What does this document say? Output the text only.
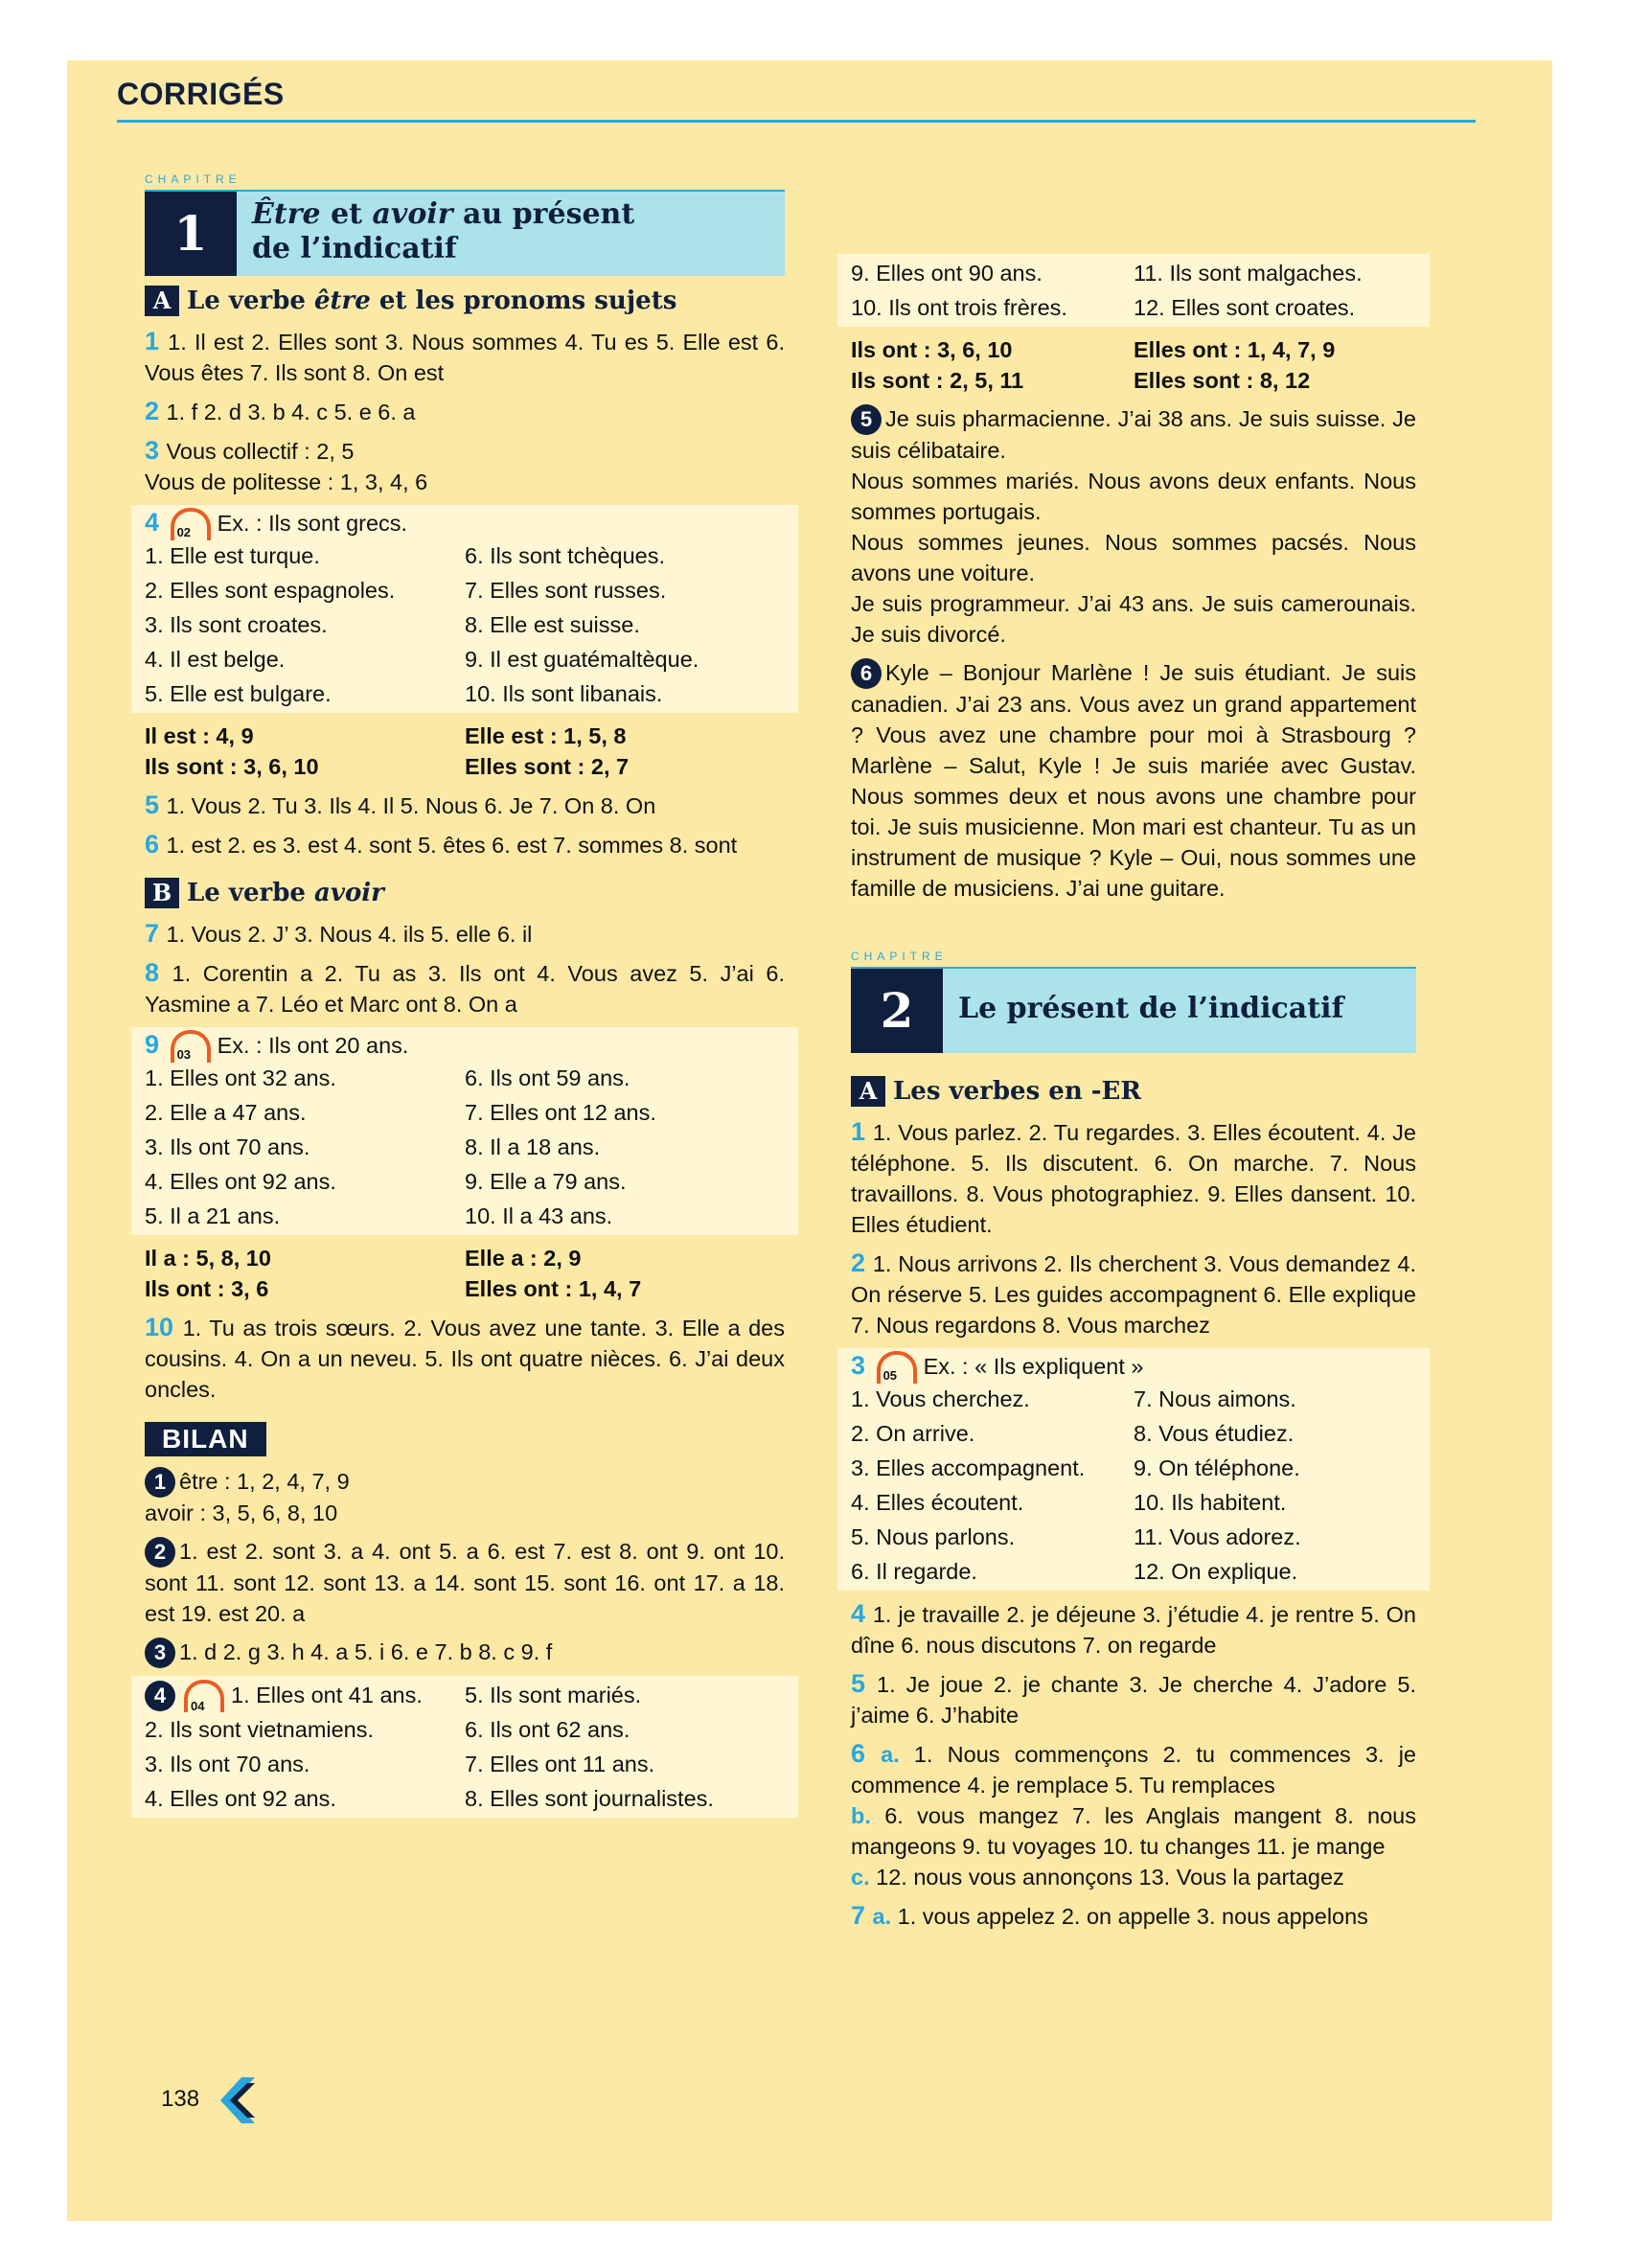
CORRIGÉS
CHAPITRE
1	Être et avoir au présent
de l’indicatif
A Le verbe être et les pronoms sujets

1 1. Il est 2. Elles sont 3. Nous sommes 4. Tu es 5. Elle est 6. Vous êtes 7. Ils sont 8. On est

2 1. f 2. d 3. b 4. c 5. e 6. a

3 Vous collectif : 2, 5
Vous de politesse : 1, 3, 4, 6

4 02 Ex. : Ils sont grecs.
1. Elle est turque.	6. Ils sont tchèques.
2. Elles sont espagnoles.	7. Elles sont russes.
3. Ils sont croates.	8. Elle est suisse.
4. Il est belge.	9. Il est guatémaltèque.
5. Elle est bulgare.	10. Ils sont libanais.
Il est : 4, 9	Elle est : 1, 5, 8
Ils sont : 3, 6, 10	Elles sont : 2, 7

5 1. Vous 2. Tu 3. Ils 4. Il 5. Nous 6. Je 7. On 8. On

6 1. est 2. es 3. est 4. sont 5. êtes 6. est 7. sommes 8. sont

B Le verbe avoir

7 1. Vous 2. J’ 3. Nous 4. ils 5. elle 6. il

8 1. Corentin a 2. Tu as 3. Ils ont 4. Vous avez 5. J’ai 6. Yasmine a 7. Léo et Marc ont 8. On a

9 03 Ex. : Ils ont 20 ans.
1. Elles ont 32 ans.	6. Ils ont 59 ans.
2. Elle a 47 ans.	7. Elles ont 12 ans.
3. Ils ont 70 ans.	8. Il a 18 ans.
4. Elles ont 92 ans.	9. Elle a 79 ans.
5. Il a 21 ans.	10. Il a 43 ans.
Il a : 5, 8, 10	Elle a : 2, 9
Ils ont : 3, 6	Elles ont : 1, 4, 7

10 1. Tu as trois sœurs. 2. Vous avez une tante. 3. Elle a des cousins. 4. On a un neveu. 5. Ils ont quatre nièces. 6. J’ai deux oncles.

BILAN

1 être : 1, 2, 4, 7, 9
avoir : 3, 5, 6, 8, 10

2 1. est 2. sont 3. a 4. ont 5. a 6. est 7. est 8. ont 9. ont 10. sont 11. sont 12. sont 13. a 14. sont 15. sont 16. ont 17. a 18. est 19. est 20. a

3 1. d 2. g 3. h 4. a 5. i 6. e 7. b 8. c 9. f

4 04 1. Elles ont 41 ans.	5. Ils sont mariés.
2. Ils sont vietnamiens.	6. Ils ont 62 ans.
3. Ils ont 70 ans.	7. Elles ont 11 ans.
4. Elles ont 92 ans.	8. Elles sont journalistes.
9. Elles ont 90 ans.	11. Ils sont malgaches.
10. Ils ont trois frères.	12. Elles sont croates.
Ils ont : 3, 6, 10	Elles ont : 1, 4, 7, 9
Ils sont : 2, 5, 11	Elles sont : 8, 12

5 Je suis pharmacienne. J’ai 38 ans. Je suis suisse. Je suis célibataire.
Nous sommes mariés. Nous avons deux enfants. Nous sommes portugais.
Nous sommes jeunes. Nous sommes pacsés. Nous avons une voiture.
Je suis programmeur. J’ai 43 ans. Je suis camerounais. Je suis divorcé.

6 Kyle – Bonjour Marlène ! Je suis étudiant. Je suis canadien. J’ai 23 ans. Vous avez un grand appartement ? Vous avez une chambre pour moi à Strasbourg ? Marlène – Salut, Kyle ! Je suis mariée avec Gustav. Nous sommes deux et nous avons une chambre pour toi. Je suis musicienne. Mon mari est chanteur. Tu as un instrument de musique ? Kyle – Oui, nous sommes une famille de musiciens. J’ai une guitare.

CHAPITRE
2	Le présent de l’indicatif
A Les verbes en -ER

1 1. Vous parlez. 2. Tu regardes. 3. Elles écoutent. 4. Je téléphone. 5. Ils discutent. 6. On marche. 7. Nous travaillons. 8. Vous photographiez. 9. Elles dansent. 10. Elles étudient.

2 1. Nous arrivons 2. Ils cherchent 3. Vous demandez 4. On réserve 5. Les guides accompagnent 6. Elle explique 7. Nous regardons 8. Vous marchez

3 05 Ex. : « Ils expliquent »
1. Vous cherchez.	7. Nous aimons.
2. On arrive.	8. Vous étudiez.
3. Elles accompagnent.	9. On téléphone.
4. Elles écoutent.	10. Ils habitent.
5. Nous parlons.	11. Vous adorez.
6. Il regarde.	12. On explique.

4 1. je travaille 2. je déjeune 3. j’étudie 4. je rentre 5. On dîne 6. nous discutons 7. on regarde

5 1. Je joue 2. je chante 3. Je cherche 4. J’adore 5. j’aime 6. J’habite

6 a. 1. Nous commençons 2. tu commences 3. je commence 4. je remplace 5. Tu remplaces
b. 6. vous mangez 7. les Anglais mangent 8. nous mangeons 9. tu voyages 10. tu changes 11. je mange
c. 12. nous vous annonçons 13. Vous la partagez

7 a. 1. vous appelez 2. on appelle 3. nous appelons

138
